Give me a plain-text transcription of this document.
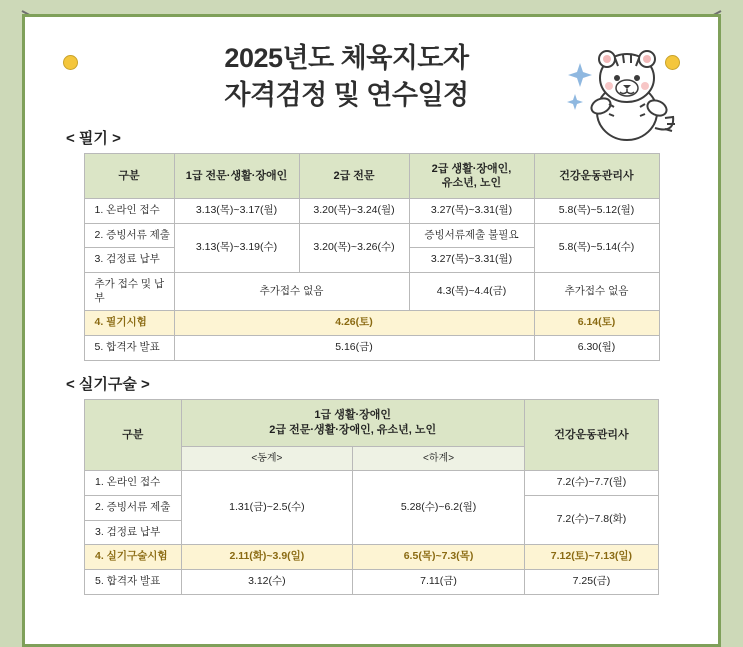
2025년도 체육지도자
자격검정 및 연수일정
< 필기 >
구분	1급 전문·생활·장애인	2급 전문	2급 생활·장애인,
유소년, 노인	건강운동관리사
1. 온라인 접수	3.13(목)~3.17(월)	3.20(목)~3.24(월)	3.27(목)~3.31(월)	5.8(목)~5.12(월)
2. 증빙서류 제출	3.13(목)~3.19(수)	3.20(목)~3.26(수)	증빙서류제출 불필요	5.8(목)~5.14(수)
3. 검정료 납부			3.27(목)~3.31(월)	
추가 접수 및 납부	추가접수 없음		4.3(목)~4.4(금)	추가접수 없음
4. 필기시험	4.26(토)			6.14(토)
5. 합격자 발표	5.16(금)			6.30(월)
< 실기구술 >
구분	1급 생활·장애인
2급 전문·생활·장애인, 유소년, 노인		건강운동관리사
	<동계>	<하계>	
1. 온라인 접수	1.31(금)~2.5(수)	5.28(수)~6.2(월)	7.2(수)~7.7(월)
2. 증빙서류 제출			7.2(수)~7.8(화)
3. 검정료 납부			
4. 실기구술시험	2.11(화)~3.9(일)	6.5(목)~7.3(목)	7.12(토)~7.13(일)
5. 합격자 발표	3.12(수)	7.11(금)	7.25(금)
